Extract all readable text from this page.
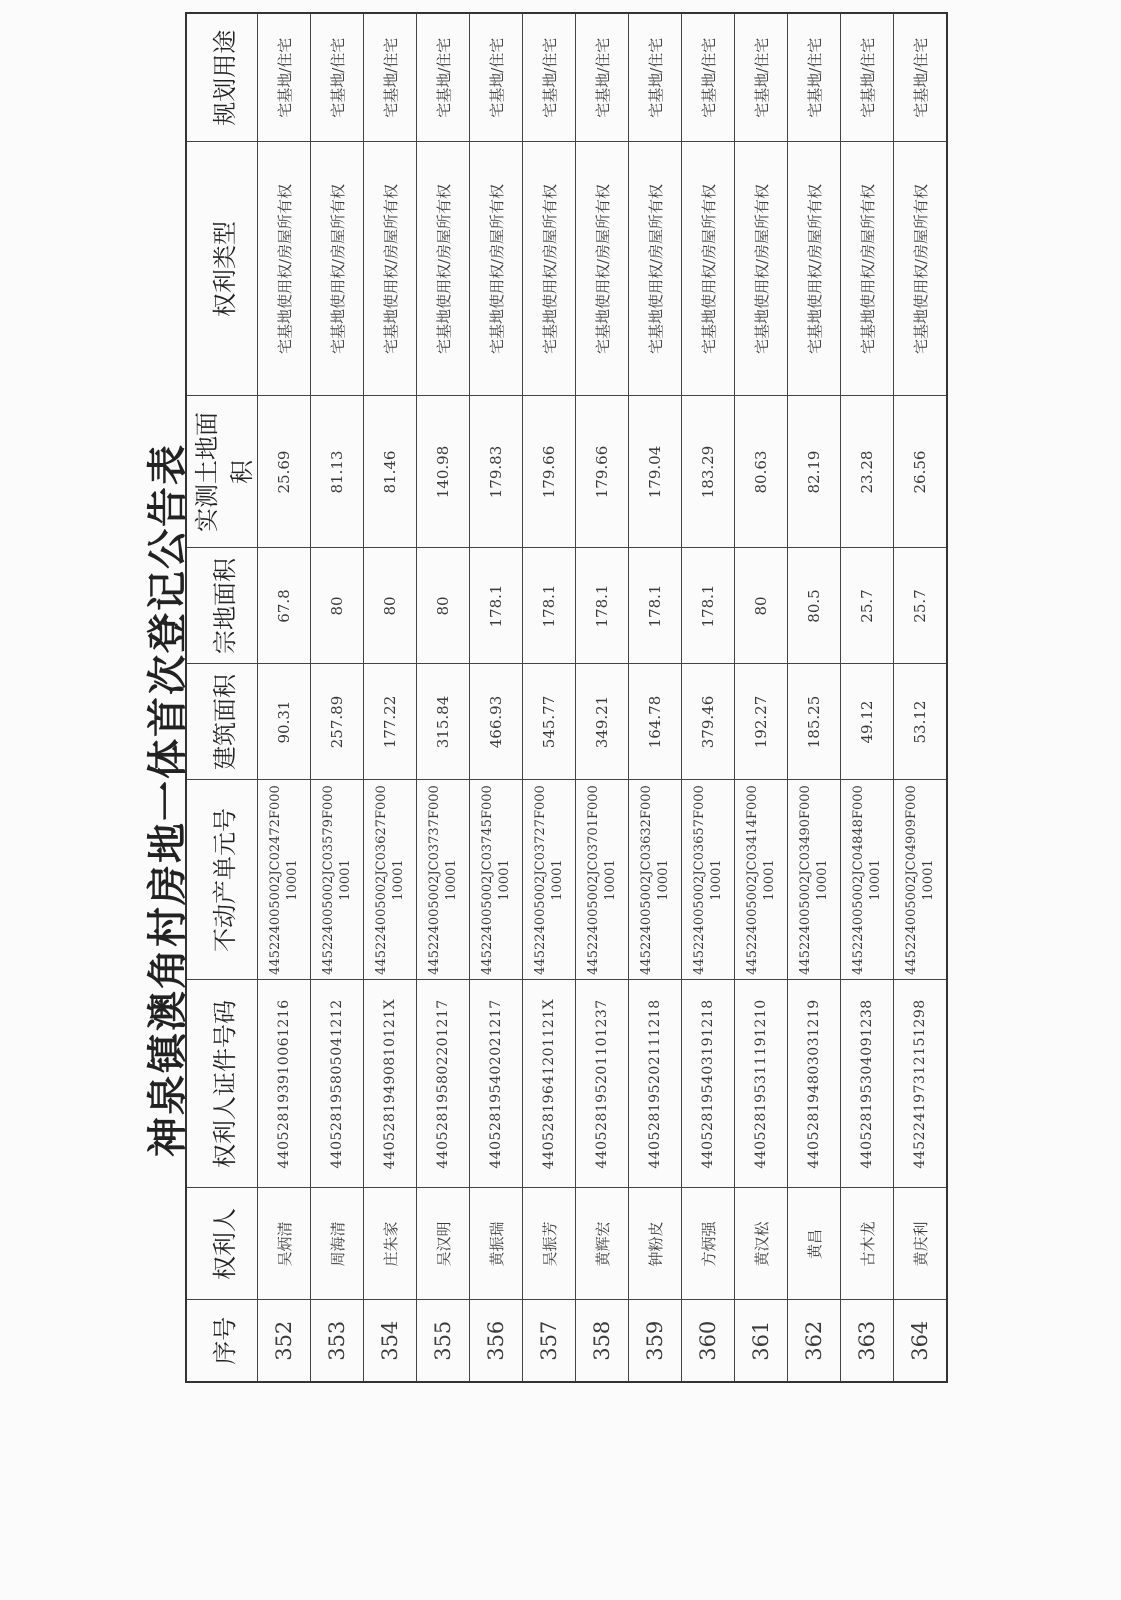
神泉镇澳角村房地一体首次登记公告表
序号	权利人	权利人证件号码	不动产单元号	建筑面积	宗地面积	实测土地面积	权利类型	规划用途
352	吴炳清	440528193910061216	445224005002JC02472F00010001	90.31	67.8	25.69	宅基地使用权/房屋所有权	宅基地/住宅
353	周海清	440528195805041212	445224005002JC03579F00010001	257.89	80	81.13	宅基地使用权/房屋所有权	宅基地/住宅
354	庄朱家	44052819490810121X	445224005002JC03627F00010001	177.22	80	81.46	宅基地使用权/房屋所有权	宅基地/住宅
355	吴汉明	440528195802201217	445224005002JC03737F00010001	315.84	80	140.98	宅基地使用权/房屋所有权	宅基地/住宅
356	黄振瑞	440528195402021217	445224005002JC03745F00010001	466.93	178.1	179.83	宅基地使用权/房屋所有权	宅基地/住宅
357	吴振芳	44052819641201121X	445224005002JC03727F00010001	545.77	178.1	179.66	宅基地使用权/房屋所有权	宅基地/住宅
358	黄辉宏	440528195201101237	445224005002JC03701F00010001	349.21	178.1	179.66	宅基地使用权/房屋所有权	宅基地/住宅
359	钟粉皮	440528195202111218	445224005002JC03632F00010001	164.78	178.1	179.04	宅基地使用权/房屋所有权	宅基地/住宅
360	方炳强	440528195403191218	445224005002JC03657F00010001	379.46	178.1	183.29	宅基地使用权/房屋所有权	宅基地/住宅
361	黄汉松	440528195311191210	445224005002JC03414F00010001	192.27	80	80.63	宅基地使用权/房屋所有权	宅基地/住宅
362	黄昌	440528194803031219	445224005002JC03490F00010001	185.25	80.5	82.19	宅基地使用权/房屋所有权	宅基地/住宅
363	古木龙	440528195304091238	445224005002JC04848F00010001	49.12	25.7	23.28	宅基地使用权/房屋所有权	宅基地/住宅
364	黄庆利	445224197312151298	445224005002JC04909F00010001	53.12	25.7	26.56	宅基地使用权/房屋所有权	宅基地/住宅
